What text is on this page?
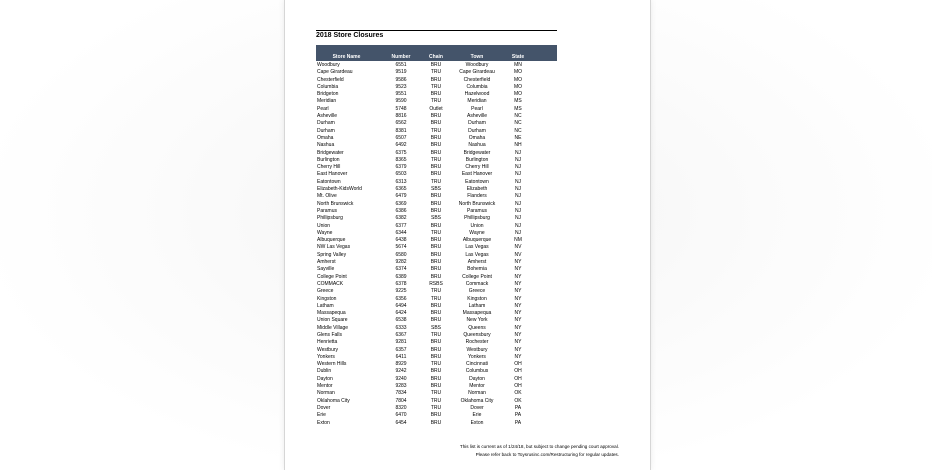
2018 Store Closures
Store Name	Number	Chain	Town	State
Woodbury	6551	BRU	Woodbury	MN
Cape Girardeau	9519	TRU	Cape Girardeau	MO
Chesterfield	9586	BRU	Chesterfield	MO
Columbia	9523	TRU	Columbia	MO
Bridgeton	9551	BRU	Hazelwood	MO
Meridian	9590	TRU	Meridian	MS
Pearl	5748	Outlet	Pearl	MS
Asheville	8816	BRU	Asheville	NC
Durham	6562	BRU	Durham	NC
Durham	8381	TRU	Durham	NC
Omaha	6507	BRU	Omaha	NE
Nashua	6492	BRU	Nashua	NH
Bridgewater	6375	BRU	Bridgewater	NJ
Burlington	8365	TRU	Burlington	NJ
Cherry Hill	6379	BRU	Cherry Hill	NJ
East Hanover	6503	BRU	East Hanover	NJ
Eatontown	6313	TRU	Eatontown	NJ
Elizabeth-KidsWorld	6365	SBS	Elizabeth	NJ
Mt. Olive	6479	BRU	Flanders	NJ
North Brunswick	6369	BRU	North Brunswick	NJ
Paramus	6386	BRU	Paramus	NJ
Phillipsburg	6382	SBS	Phillipsburg	NJ
Union	6377	BRU	Union	NJ
Wayne	6344	TRU	Wayne	NJ
Albuquerque	6438	BRU	Albuquerque	NM
NW Las Vegas	5674	BRU	Las Vegas	NV
Spring Valley	6580	BRU	Las Vegas	NV
Amherst	9282	BRU	Amherst	NY
Sayville	6374	BRU	Bohemia	NY
College Point	6389	BRU	College Point	NY
COMMACK	6378	RSBS	Commack	NY
Greece	9225	TRU	Greece	NY
Kingston	6356	TRU	Kingston	NY
Latham	6494	BRU	Latham	NY
Massapequa	6424	BRU	Massapequa	NY
Union Square	6538	BRU	New York	NY
Middle Village	6333	SBS	Queens	NY
Glens Falls	6367	TRU	Queensbury	NY
Henrietta	9281	BRU	Rochester	NY
Westbury	6357	BRU	Westbury	NY
Yonkers	6411	BRU	Yonkers	NY
Western Hills	8929	TRU	Cincinnati	OH
Dublin	9242	BRU	Columbus	OH
Dayton	9240	BRU	Dayton	OH
Mentor	9283	BRU	Mentor	OH
Norman	7834	TRU	Norman	OK
Oklahoma City	7804	TRU	Oklahoma City	OK
Dover	8320	TRU	Dover	PA
Erie	6470	BRU	Erie	PA
Exton	6454	BRU	Exton	PA
This list is current as of 1/24/18, but subject to change pending court approval.
Please refer back to Toysrusinc.com/Restructuring for regular updates.
